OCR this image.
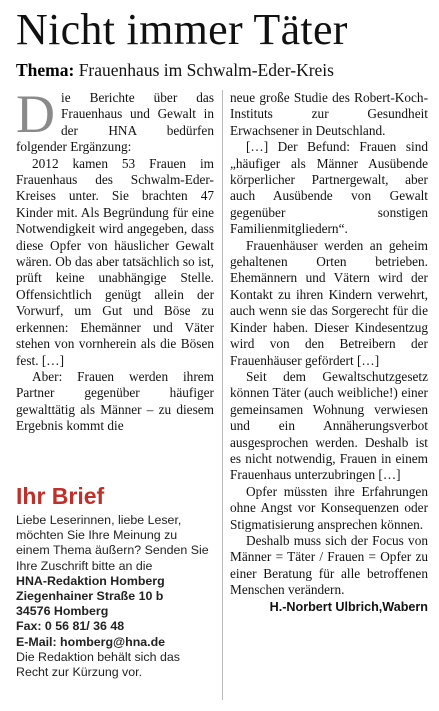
Nicht immer Täter
Thema: Frauenhaus im Schwalm-Eder-Kreis

Die Berichte über das Frauenhaus und Gewalt in der HNA bedürfen folgender Ergänzung:

2012 kamen 53 Frauen im Frauenhaus des Schwalm-Eder-Kreises unter. Sie brachten 47 Kinder mit. Als Begründung für eine Notwendigkeit wird angegeben, dass diese Opfer von häuslicher Gewalt wären. Ob das aber tatsächlich so ist, prüft keine unabhängige Stelle. Offensichtlich genügt allein der Vorwurf, um Gut und Böse zu erkennen: Ehemänner und Väter stehen von vornherein als die Bösen fest. […]

Aber: Frauen werden ihrem Partner gegenüber häufiger gewalttätig als Männer – zu diesem Ergebnis kommt die

neue große Studie des Robert-Koch-Instituts zur Gesundheit Erwachsener in Deutschland.

[…] Der Befund: Frauen sind „häufiger als Männer Ausübende körperlicher Partnergewalt, aber auch Ausübende von Gewalt gegenüber sonstigen Familienmitgliedern“.

Frauenhäuser werden an geheim gehaltenen Orten betrieben. Ehemännern und Vätern wird der Kontakt zu ihren Kindern verwehrt, auch wenn sie das Sorgerecht für die Kinder haben. Dieser Kindesentzug wird von den Betreibern der Frauenhäuser gefördert […]

Seit dem Gewaltschutzgesetz können Täter (auch weibliche!) einer gemeinsamen Wohnung verwiesen und ein Annäherungsverbot ausgesprochen werden. Deshalb ist es nicht notwendig, Frauen in einem Frauenhaus unterzubringen […]

Opfer müssten ihre Erfahrungen ohne Angst vor Konsequenzen oder Stigmatisierung ansprechen können.

Deshalb muss sich der Focus von Männer = Täter / Frauen = Opfer zu einer Beratung für alle betroffenen Menschen verändern.

H.-Norbert Ulbrich,Wabern

Ihr Brief
Liebe Leserinnen, liebe Leser, möchten Sie Ihre Meinung zu einem Thema äußern? Senden Sie Ihre Zuschrift bitte an die
HNA-Redaktion Homberg
Ziegenhainer Straße 10 b
34576 Homberg
Fax: 0 56 81/ 36 48
E-Mail: homberg@hna.de
Die Redaktion behält sich das Recht zur Kürzung vor.
